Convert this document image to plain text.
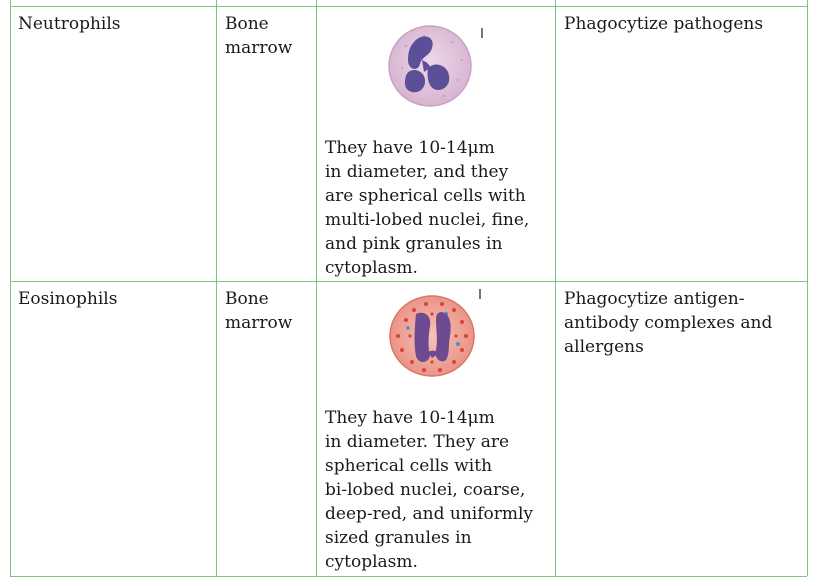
Neutrophils	Bone
marrow
They have 10-14μm
in diameter, and they
are spherical cells with
multi-lobed nuclei, fine,
and pink granules in
cytoplasm.
Phagocytize pathogens
Eosinophils	Bone
marrow
They have 10-14μm
in diameter. They are
spherical cells with
bi-lobed nuclei, coarse,
deep-red, and uniformly
sized granules in
cytoplasm.
Phagocytize antigen-
antibody complexes and
allergens
